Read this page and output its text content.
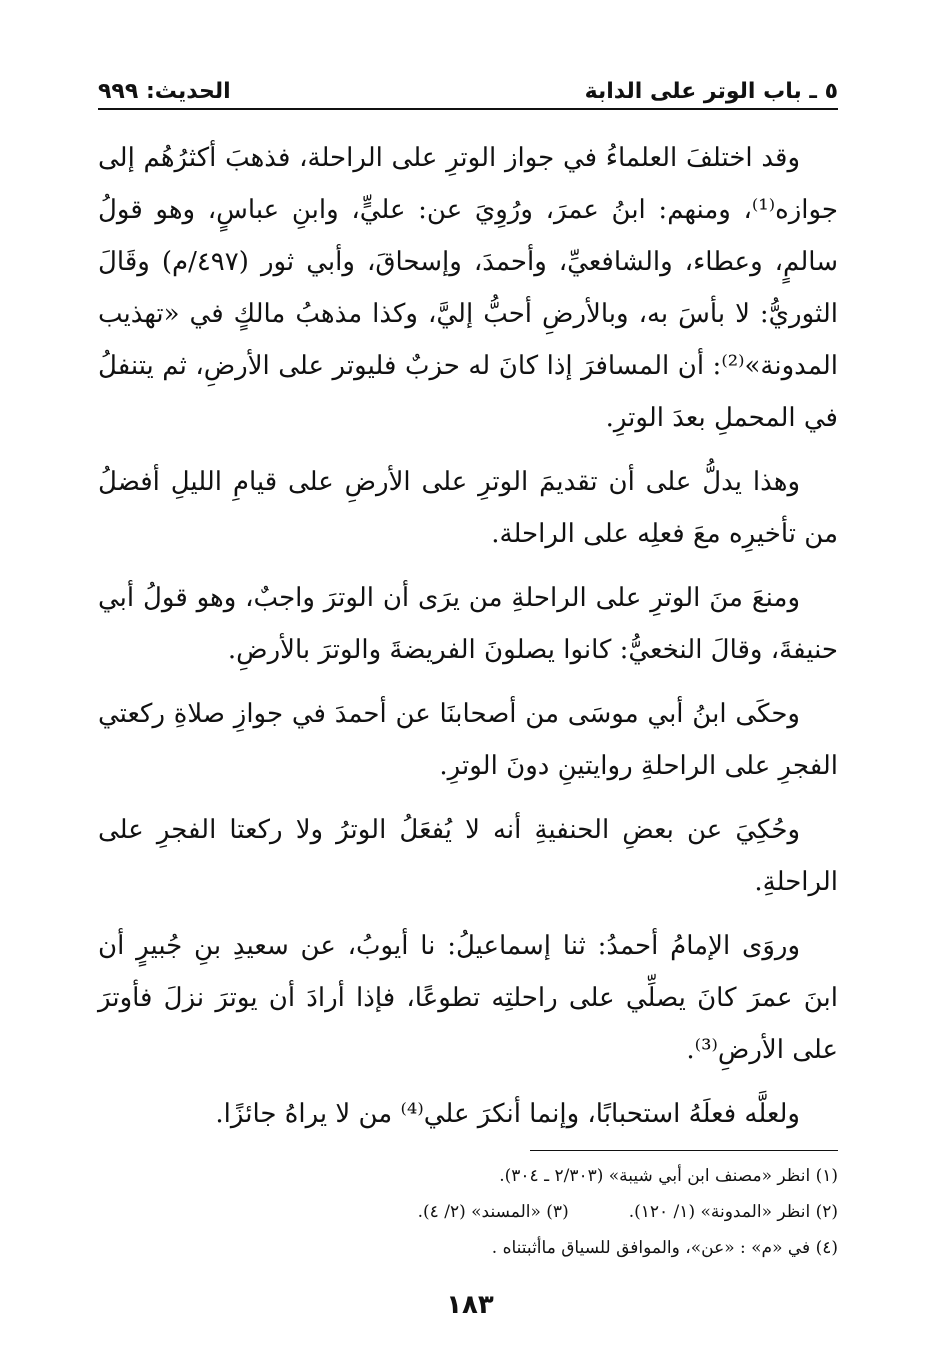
٥ ـ باب الوتر على الدابة
الحديث: ٩٩٩

وقد اختلفَ العلماءُ في جواز الوترِ على الراحلة، فذهبَ أكثرُهُم إلى جوازه⁽¹⁾، ومنهم: ابنُ عمرَ، ورُوِيَ عن: عليٍّ، وابنِ عباسٍ، وهو قولُ سالمٍ، وعطاء، والشافعيِّ، وأحمدَ، وإسحاقَ، وأبي ثور (٤٩٧/م) وقَالَ الثوريُّ: لا بأسَ به، وبالأرضِ أحبُّ إليَّ، وكذا مذهبُ مالكٍ في «تهذيب المدونة»⁽²⁾: أن المسافرَ إذا كانَ له حزبٌ فليوتر على الأرضِ، ثم يتنفلُ في المحملِ بعدَ الوترِ.

وهذا يدلُّ على أن تقديمَ الوترِ على الأرضِ على قيامِ الليلِ أفضلُ من تأخيرِه معَ فعلِه على الراحلة.

ومنعَ منَ الوترِ على الراحلةِ من يرَى أن الوترَ واجبٌ، وهو قولُ أبي حنيفةَ، وقالَ النخعيُّ: كانوا يصلونَ الفريضةَ والوترَ بالأرضِ.

وحكَى ابنُ أبي موسَى من أصحابنَا عن أحمدَ في جوازِ صلاةِ ركعتي الفجرِ على الراحلةِ روايتينِ دونَ الوترِ.

وحُكِيَ عن بعضِ الحنفيةِ أنه لا يُفعَلُ الوترُ ولا ركعتا الفجرِ على الراحلةِ.

وروَى الإمامُ أحمدُ: ثنا إسماعيلُ: نا أيوبُ، عن سعيدِ بنِ جُبيرٍ أن ابنَ عمرَ كانَ يصلِّي على راحلتِه تطوعًا، فإذا أرادَ أن يوترَ نزلَ فأوترَ على الأرضِ⁽³⁾.

ولعلَّه فعلَهُ استحبابًا، وإنما أنكرَ علي⁽⁴⁾ من لا يراهُ جائزًا.

(١) انظر «مصنف ابن أبي شيبة» (٢/٣٠٣ ـ ٣٠٤).
(٢) انظر «المدونة» (١/ ١٢٠).(٣) «المسند» (٢/ ٤).
(٤) في «م» : «عن»، والموافق للسياق ماأثبتناه .
١٨٣
